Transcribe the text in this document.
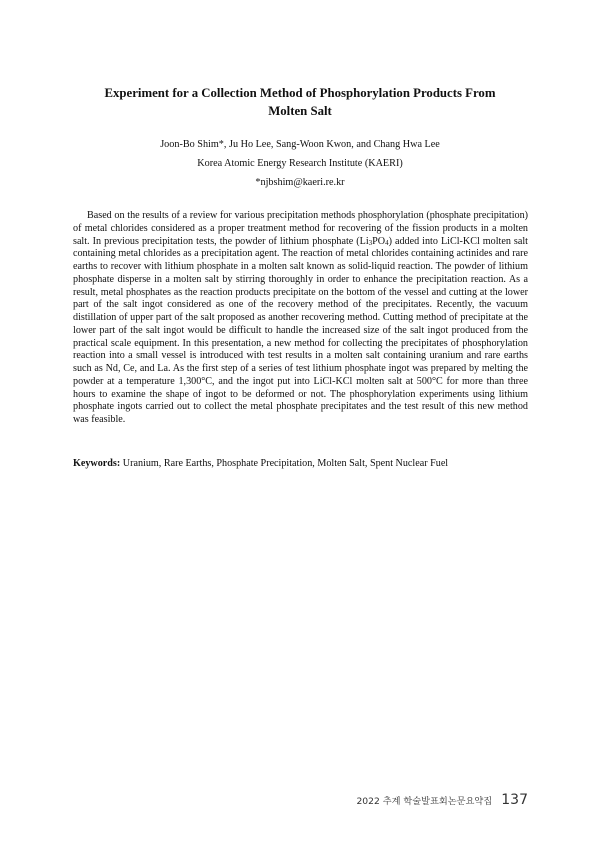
Experiment for a Collection Method of Phosphorylation Products From
Molten Salt

Joon-Bo Shim*, Ju Ho Lee, Sang-Woon Kwon, and Chang Hwa Lee

Korea Atomic Energy Research Institute (KAERI)

*njbshim@kaeri.re.kr

Based on the results of a review for various precipitation methods phosphorylation (phosphate precipitation) of metal chlorides considered as a proper treatment method for recovering of the fission products in a molten salt. In previous precipitation tests, the powder of lithium phosphate $(Li_3PO_4)$ added into LiCl-KCl molten salt containing metal chlorides as a precipitation agent. The reaction of metal chlorides containing actinides and rare earths to recover with lithium phosphate in a molten salt known as solid-liquid reaction. The powder of lithium phosphate disperse in a molten salt by stirring thoroughly in order to enhance the precipitation reaction. As a result, metal phosphates as the reaction products precipitate on the bottom of the vessel and cutting at the lower part of the salt ingot considered as one of the recovery method of the precipitates. Recently, the vacuum distillation of upper part of the salt proposed as another recovering method. Cutting method of precipitate at the lower part of the salt ingot would be difficult to handle the increased size of the salt ingot produced from the practical scale equipment. In this presentation, a new method for collecting the precipitates of phosphorylation reaction into a small vessel is introduced with test results in a molten salt containing uranium and rare earths such as Nd, Ce, and La. As the first step of a series of test lithium phosphate ingot was prepared by melting the powder at a temperature 1,300°C, and the ingot put into LiCl-KCl molten salt at 500°C for more than three hours to examine the shape of ingot to be deformed or not. The phosphorylation experiments using lithium phosphate ingots carried out to collect the metal phosphate precipitates and the test result of this new method was feasible.

Keywords: Uranium, Rare Earths, Phosphate Precipitation, Molten Salt, Spent Nuclear Fuel

2022 추계 학술발표회논문요약집 137
